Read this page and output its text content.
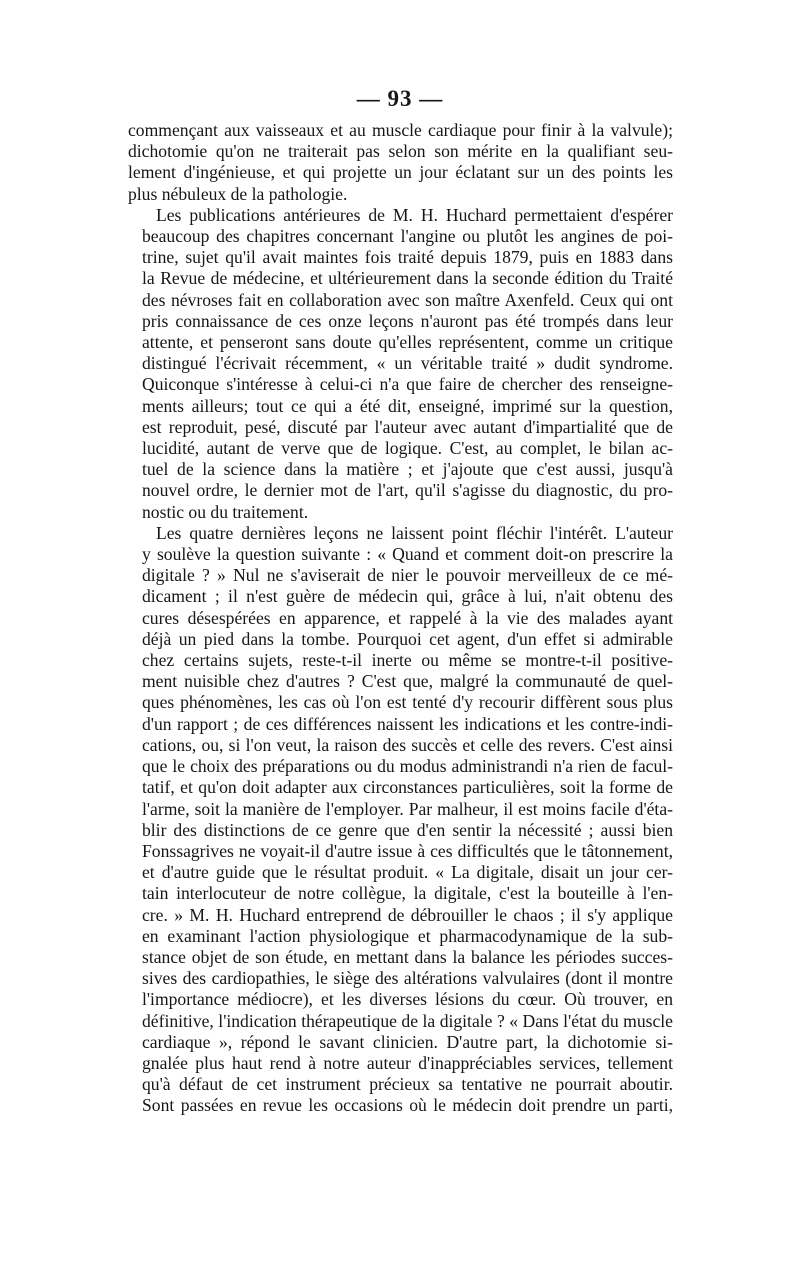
— 93 —

commençant aux vaisseaux et au muscle cardiaque pour finir à la valvule);
dichotomie qu'on ne traiterait pas selon son mérite en la qualifiant seu-
lement d'ingénieuse, et qui projette un jour éclatant sur un des points les
plus nébuleux de la pathologie.

Les publications antérieures de M. H. Huchard permettaient d'espérer
beaucoup des chapitres concernant l'angine ou plutôt les angines de poi-
trine, sujet qu'il avait maintes fois traité depuis 1879, puis en 1883 dans
la Revue de médecine, et ultérieurement dans la seconde édition du Traité
des névroses fait en collaboration avec son maître Axenfeld. Ceux qui ont
pris connaissance de ces onze leçons n'auront pas été trompés dans leur
attente, et penseront sans doute qu'elles représentent, comme un critique
distingué l'écrivait récemment, « un véritable traité » dudit syndrome.
Quiconque s'intéresse à celui-ci n'a que faire de chercher des renseigne-
ments ailleurs; tout ce qui a été dit, enseigné, imprimé sur la question,
est reproduit, pesé, discuté par l'auteur avec autant d'impartialité que de
lucidité, autant de verve que de logique. C'est, au complet, le bilan ac-
tuel de la science dans la matière ; et j'ajoute que c'est aussi, jusqu'à
nouvel ordre, le dernier mot de l'art, qu'il s'agisse du diagnostic, du pro-
nostic ou du traitement.

Les quatre dernières leçons ne laissent point fléchir l'intérêt. L'auteur
y soulève la question suivante : « Quand et comment doit-on prescrire la
digitale ? » Nul ne s'aviserait de nier le pouvoir merveilleux de ce mé-
dicament ; il n'est guère de médecin qui, grâce à lui, n'ait obtenu des
cures désespérées en apparence, et rappelé à la vie des malades ayant
déjà un pied dans la tombe. Pourquoi cet agent, d'un effet si admirable
chez certains sujets, reste-t-il inerte ou même se montre-t-il positive-
ment nuisible chez d'autres ? C'est que, malgré la communauté de quel-
ques phénomènes, les cas où l'on est tenté d'y recourir diffèrent sous plus
d'un rapport ; de ces différences naissent les indications et les contre-indi-
cations, ou, si l'on veut, la raison des succès et celle des revers. C'est ainsi
que le choix des préparations ou du modus administrandi n'a rien de facul-
tatif, et qu'on doit adapter aux circonstances particulières, soit la forme de
l'arme, soit la manière de l'employer. Par malheur, il est moins facile d'éta-
blir des distinctions de ce genre que d'en sentir la nécessité ; aussi bien
Fonssagrives ne voyait-il d'autre issue à ces difficultés que le tâtonnement,
et d'autre guide que le résultat produit. « La digitale, disait un jour cer-
tain interlocuteur de notre collègue, la digitale, c'est la bouteille à l'en-
cre. » M. H. Huchard entreprend de débrouiller le chaos ; il s'y applique
en examinant l'action physiologique et pharmacodynamique de la sub-
stance objet de son étude, en mettant dans la balance les périodes succes-
sives des cardiopathies, le siège des altérations valvulaires (dont il montre
l'importance médiocre), et les diverses lésions du cœur. Où trouver, en
définitive, l'indication thérapeutique de la digitale ? « Dans l'état du muscle
cardiaque », répond le savant clinicien. D'autre part, la dichotomie si-
gnalée plus haut rend à notre auteur d'inappréciables services, tellement
qu'à défaut de cet instrument précieux sa tentative ne pourrait aboutir.
Sont passées en revue les occasions où le médecin doit prendre un parti,
